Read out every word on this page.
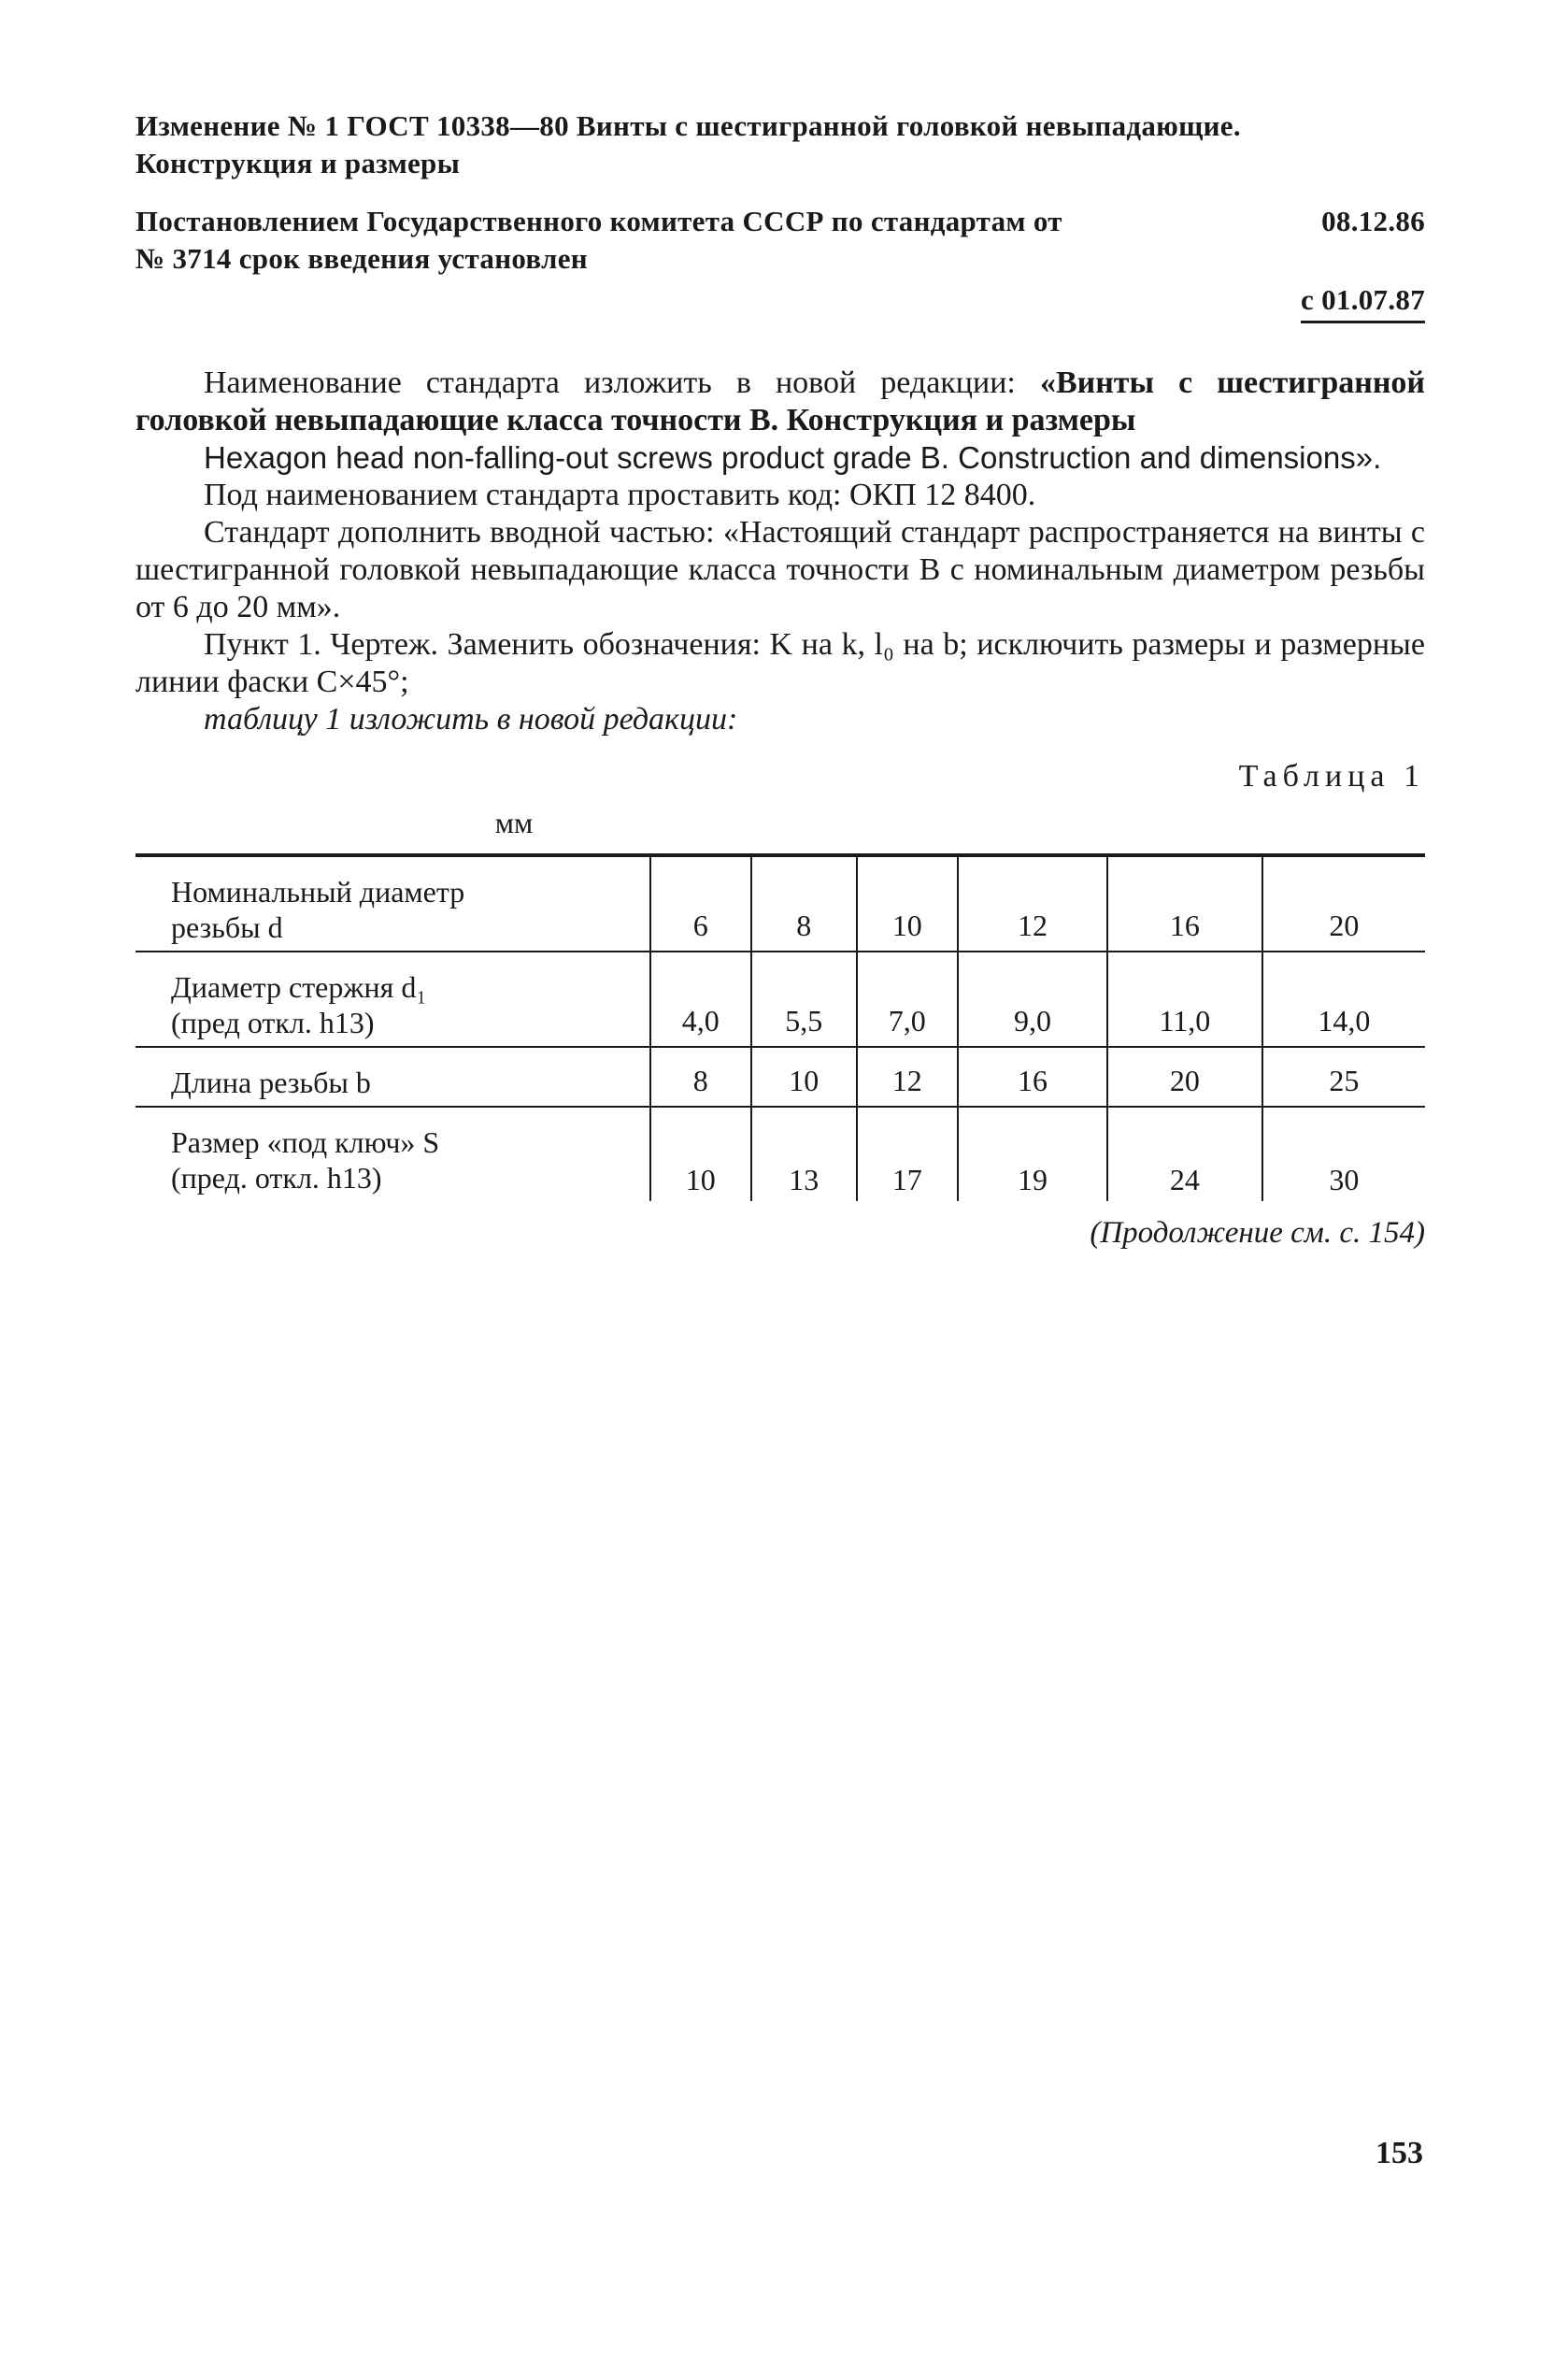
Изменение № 1 ГОСТ 10338—80 Винты с шестигранной головкой невыпадающие.

Конструкция и размеры

Постановлением Государственного комитета СССР по стандартам от	08.12.86

№ 3714 срок введения установлен

с 01.07.87

Наименование стандарта изложить в новой редакции: «Винты с шестигранной головкой невыпадающие класса точности В. Конструкция и размеры

Hexagon head non-falling-out screws product grade B. Construction and dimensions».

Под наименованием стандарта проставить код: ОКП 12 8400.

Стандарт дополнить вводной частью: «Настоящий стандарт распространяется на винты с шестигранной головкой невыпадающие класса точности В с номинальным диаметром резьбы от 6 до 20 мм».

Пункт 1. Чертеж. Заменить обозначения: K на k, l₀ на b; исключить размеры и размерные линии фаски C×45°;

таблицу 1 изложить в новой редакции:

Таблица 1
мм
Номинальный диаметр
резьбы d	6	8	10	12	16	20
Диаметр стержня d₁
(пред откл. h13)	4,0	5,5	7,0	9,0	11,0	14,0
Длина резьбы b	8	10	12	16	20	25
Размер «под ключ» S
(пред. откл. h13)	10	13	17	19	24	30
(Продолжение см. с. 154)
153
